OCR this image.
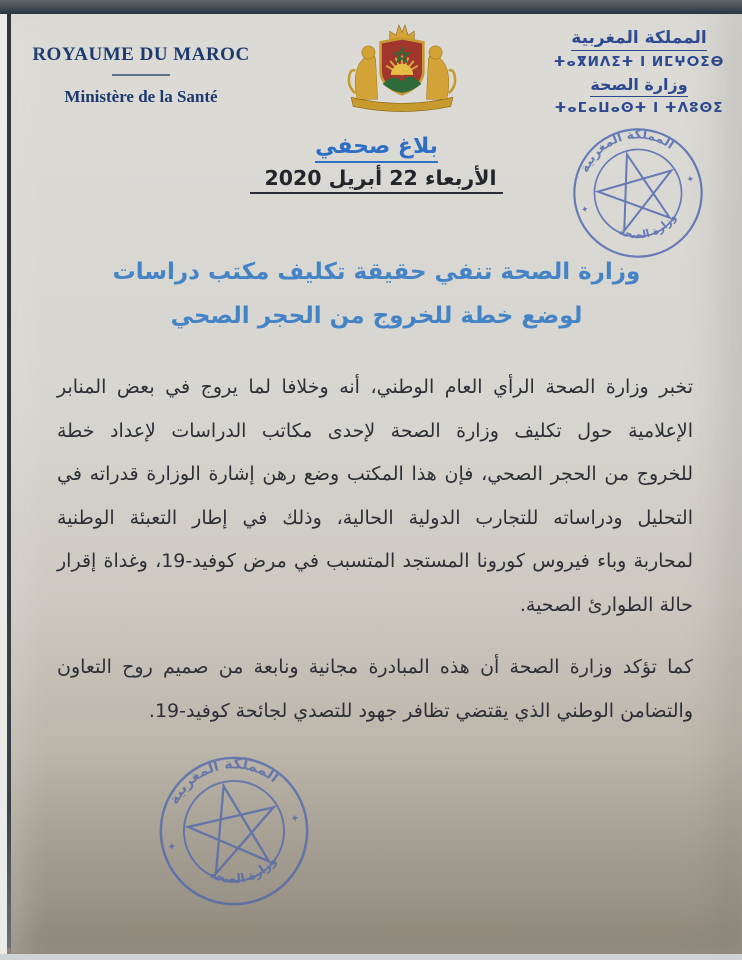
ROYAUME DU MAROC
Ministère de la Santé
المملكة المغربية
ⵜⴰⴳⵍⴷⵉⵜ ⵏ ⵍⵎⵖⵔⵉⴱ
وزارة الصحة
ⵜⴰⵎⴰⵡⴰⵙⵜ ⵏ ⵜⴷⵓⵙⵉ
بلاغ صحفي
الأربعاء 22 أبريل 2020	المملكة المغربية
وزارة الصحة
✦
✦
وزارة الصحة تنفي حقيقة تكليف مكتب دراسات
لوضع خطة للخروج من الحجر الصحي
تخبر وزارة الصحة الرأي العام الوطني، أنه وخلافا لما يروج في بعض المنابر
الإعلامية حول تكليف وزارة الصحة لإحدى مكاتب الدراسات لإعداد خطة
للخروج من الحجر الصحي، فإن هذا المكتب وضع رهن إشارة الوزارة قدراته في
التحليل ودراساته للتجارب الدولية الحالية، وذلك في إطار التعبئة الوطنية
لمحاربة وباء فيروس كورونا المستجد المتسبب في مرض كوفيد-19، وغداة إقرار
حالة الطوارئ الصحية.
كما تؤكد وزارة الصحة أن هذه المبادرة مجانية ونابعة من صميم روح التعاون
والتضامن الوطني الذي يقتضي تظافر جهود للتصدي لجائحة كوفيد-19.
المملكة المغربية
وزارة الصحة
✦
✦
